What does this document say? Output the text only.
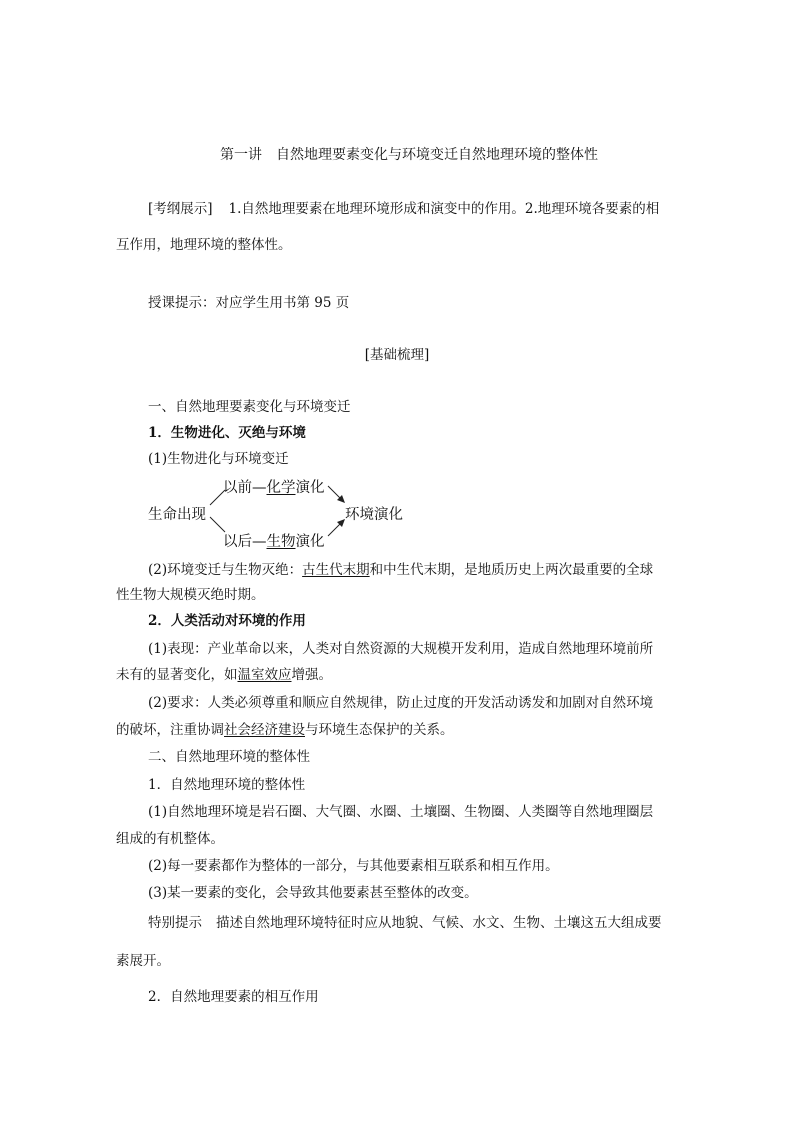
第一讲　自然地理要素变化与环境变迁自然地理环境的整体性
[考纲展示] 1.自然地理要素在地理环境形成和演变中的作用。2.地理环境各要素的相
互作用，地理环境的整体性。
授课提示：对应学生用书第 95 页
[基础梳理]
一、自然地理要素变化与环境变迁
1．生物进化、灭绝与环境
(1)生物进化与环境变迁
生命出现
以前—化学演化
以后—生物演化
环境演化
(2)环境变迁与生物灭绝：古生代末期和中生代末期，是地质历史上两次最重要的全球
性生物大规模灭绝时期。
2．人类活动对环境的作用
(1)表现：产业革命以来，人类对自然资源的大规模开发利用，造成自然地理环境前所
未有的显著变化，如温室效应增强。
(2)要求：人类必须尊重和顺应自然规律，防止过度的开发活动诱发和加剧对自然环境
的破坏，注重协调社会经济建设与环境生态保护的关系。
二、自然地理环境的整体性
1．自然地理环境的整体性
(1)自然地理环境是岩石圈、大气圈、水圈、土壤圈、生物圈、人类圈等自然地理圈层
组成的有机整体。
(2)每一要素都作为整体的一部分，与其他要素相互联系和相互作用。
(3)某一要素的变化，会导致其他要素甚至整体的改变。
特别提示 描述自然地理环境特征时应从地貌、气候、水文、生物、土壤这五大组成要
素展开。
2．自然地理要素的相互作用
